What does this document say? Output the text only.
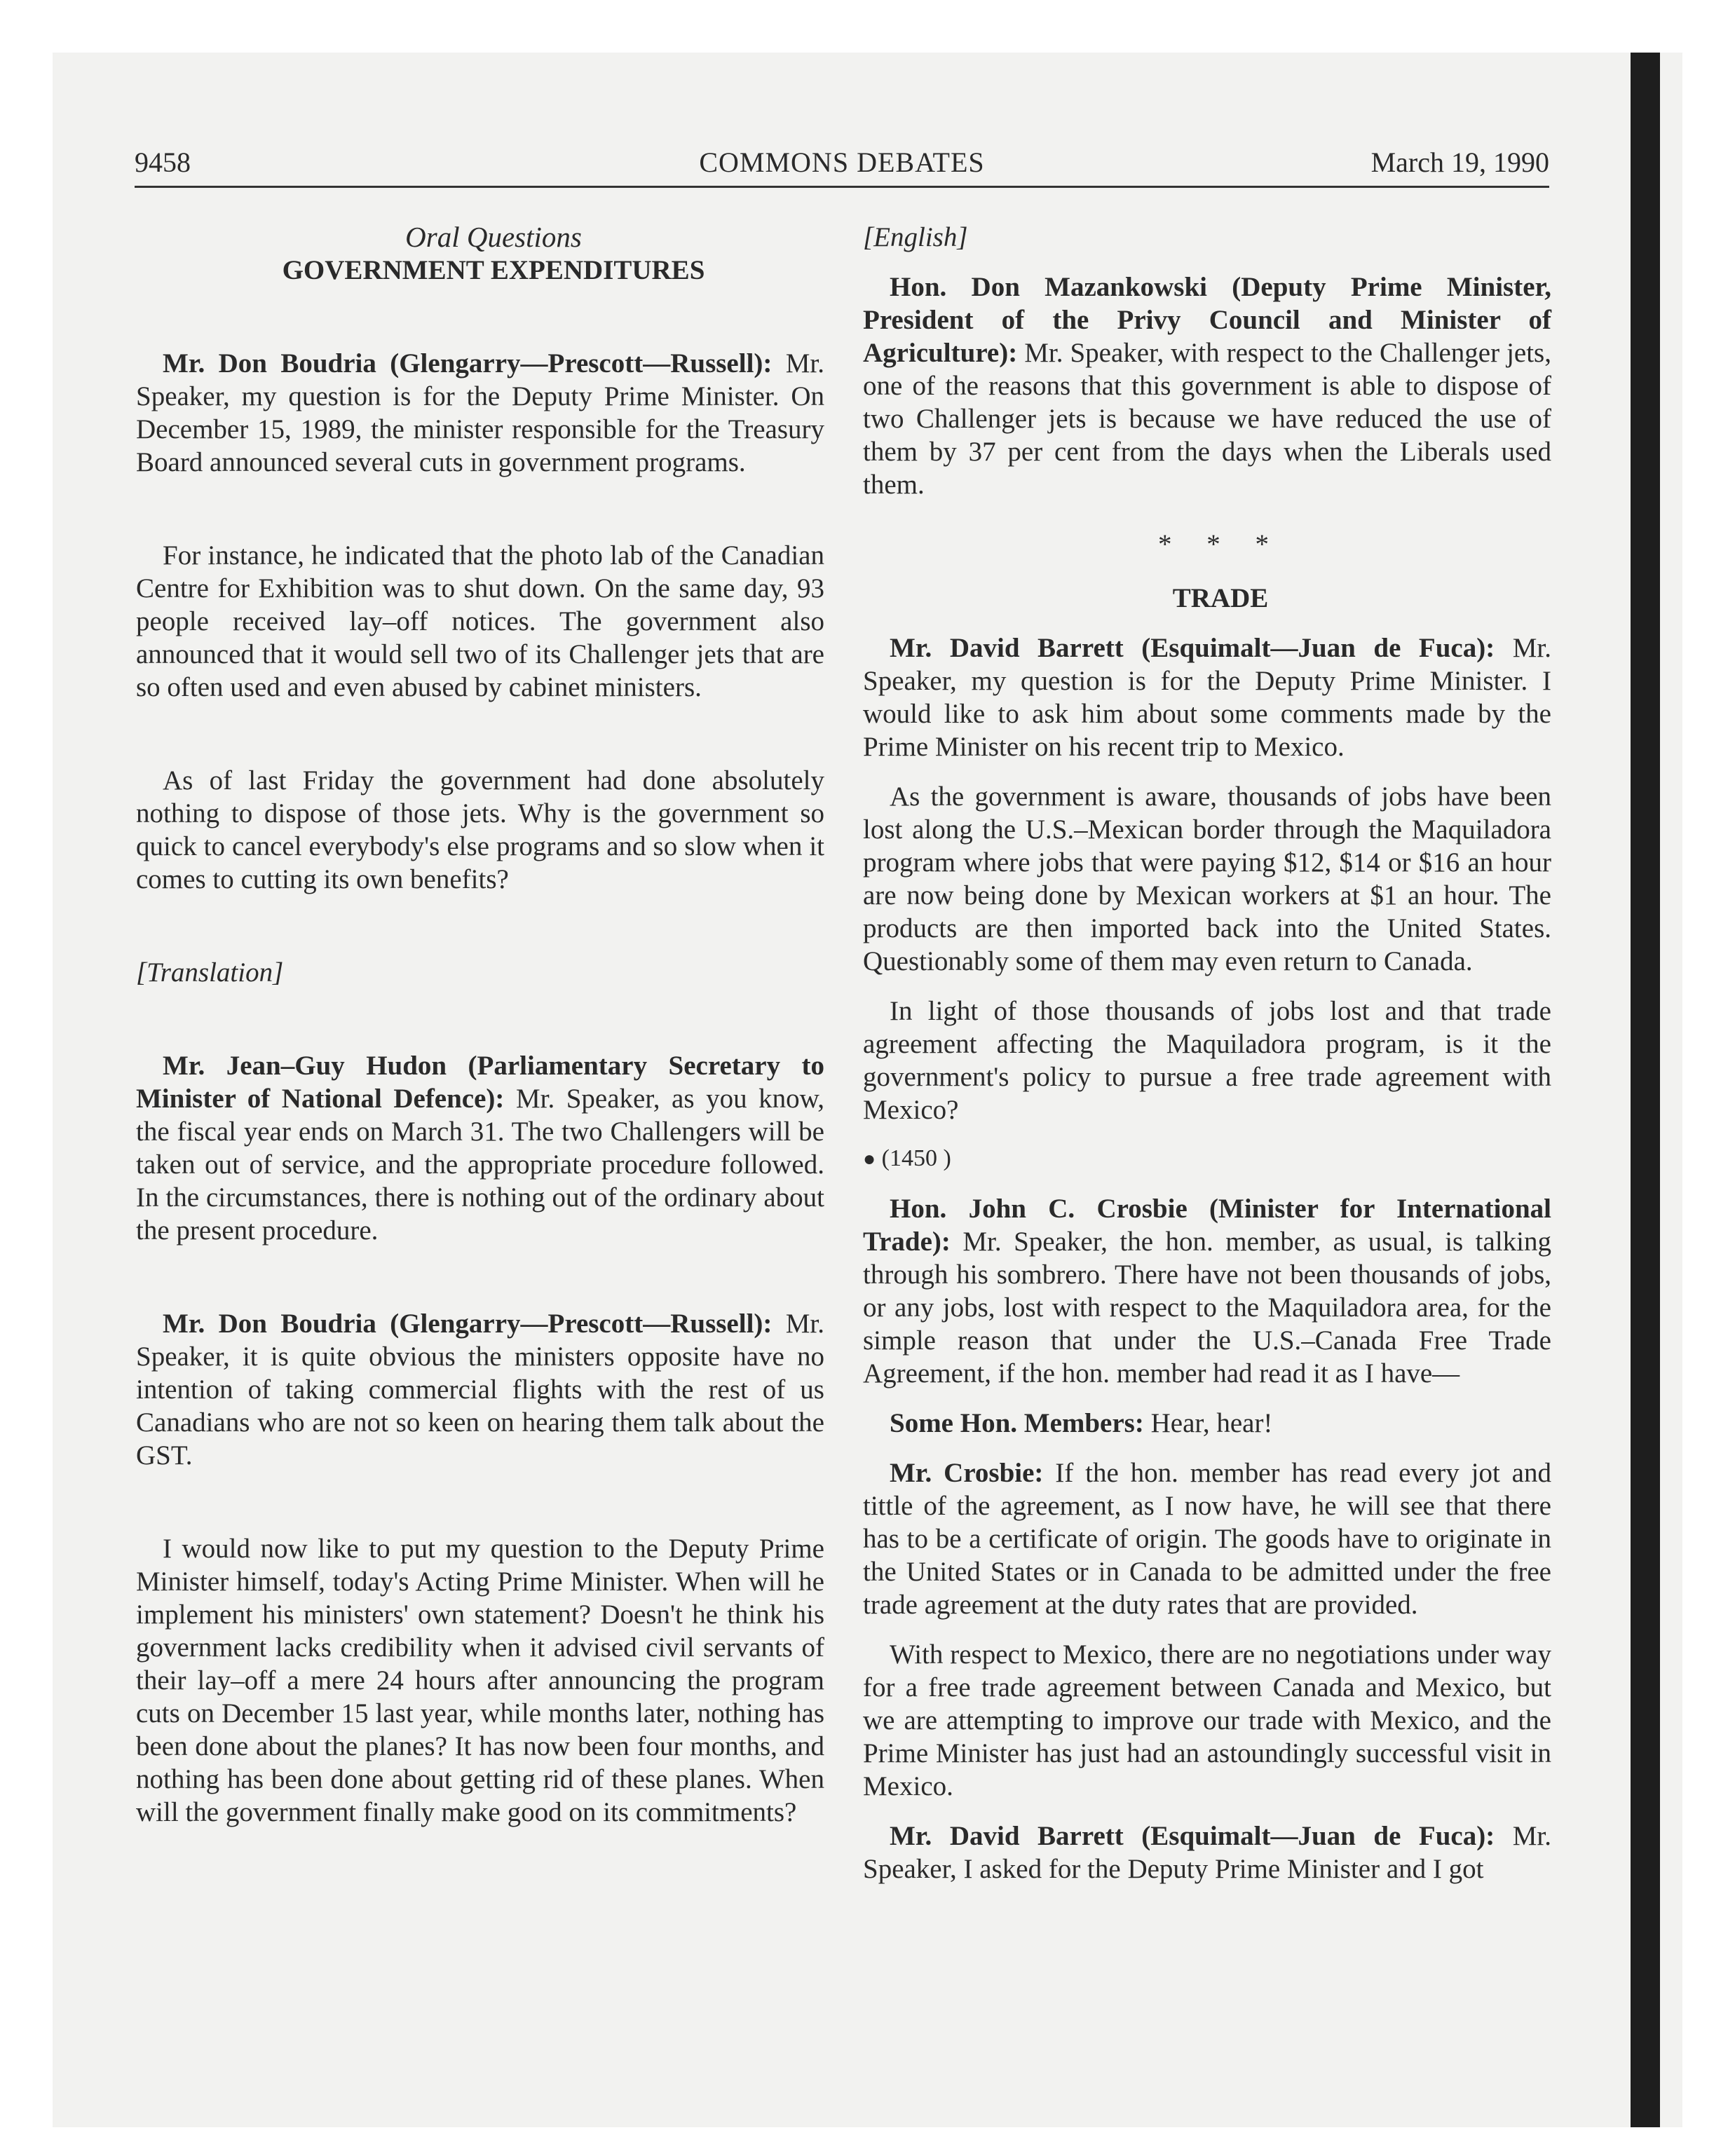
9458	COMMONS DEBATES	March 19, 1990

Oral Questions

GOVERNMENT EXPENDITURES

Mr. Don Boudria (Glengarry—Prescott—Russell): Mr. Speaker, my question is for the Deputy Prime Minister. On December 15, 1989, the minister responsible for the Treasury Board announced several cuts in government programs.

For instance, he indicated that the photo lab of the Canadian Centre for Exhibition was to shut down. On the same day, 93 people received lay–off notices. The government also announced that it would sell two of its Challenger jets that are so often used and even abused by cabinet ministers.

As of last Friday the government had done absolutely nothing to dispose of those jets. Why is the government so quick to cancel everybody's else programs and so slow when it comes to cutting its own benefits?

[Translation]

Mr. Jean–Guy Hudon (Parliamentary Secretary to Minister of National Defence): Mr. Speaker, as you know, the fiscal year ends on March 31. The two Challengers will be taken out of service, and the appropriate procedure followed. In the circumstances, there is nothing out of the ordinary about the present procedure.

Mr. Don Boudria (Glengarry—Prescott—Russell): Mr. Speaker, it is quite obvious the ministers opposite have no intention of taking commercial flights with the rest of us Canadians who are not so keen on hearing them talk about the GST.

I would now like to put my question to the Deputy Prime Minister himself, today's Acting Prime Minister. When will he implement his ministers' own statement? Doesn't he think his government lacks credibility when it advised civil servants of their lay–off a mere 24 hours after announcing the program cuts on December 15 last year, while months later, nothing has been done about the planes? It has now been four months, and nothing has been done about getting rid of these planes. When will the government finally make good on its commitments?

[English]

Hon. Don Mazankowski (Deputy Prime Minister, President of the Privy Council and Minister of Agriculture): Mr. Speaker, with respect to the Challenger jets, one of the reasons that this government is able to dispose of two Challenger jets is because we have reduced the use of them by 37 per cent from the days when the Liberals used them.

* * *

TRADE

Mr. David Barrett (Esquimalt—Juan de Fuca): Mr. Speaker, my question is for the Deputy Prime Minister. I would like to ask him about some comments made by the Prime Minister on his recent trip to Mexico.

As the government is aware, thousands of jobs have been lost along the U.S.–Mexican border through the Maquiladora program where jobs that were paying $12, $14 or $16 an hour are now being done by Mexican workers at $1 an hour. The products are then imported back into the United States. Questionably some of them may even return to Canada.

In light of those thousands of jobs lost and that trade agreement affecting the Maquiladora program, is it the government's policy to pursue a free trade agreement with Mexico?

● (1450 )

Hon. John C. Crosbie (Minister for International Trade): Mr. Speaker, the hon. member, as usual, is talking through his sombrero. There have not been thousands of jobs, or any jobs, lost with respect to the Maquiladora area, for the simple reason that under the U.S.–Canada Free Trade Agreement, if the hon. member had read it as I have—

Some Hon. Members: Hear, hear!

Mr. Crosbie: If the hon. member has read every jot and tittle of the agreement, as I now have, he will see that there has to be a certificate of origin. The goods have to originate in the United States or in Canada to be admitted under the free trade agreement at the duty rates that are provided.

With respect to Mexico, there are no negotiations under way for a free trade agreement between Canada and Mexico, but we are attempting to improve our trade with Mexico, and the Prime Minister has just had an astoundingly successful visit in Mexico.

Mr. David Barrett (Esquimalt—Juan de Fuca): Mr. Speaker, I asked for the Deputy Prime Minister and I got
